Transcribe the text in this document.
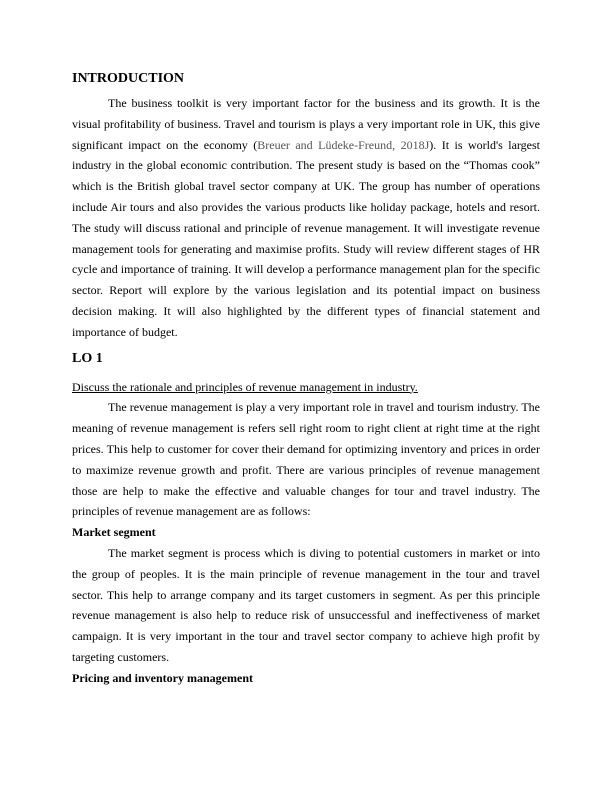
INTRODUCTION

The business toolkit is very important factor for the business and its growth. It is the visual profitability of business. Travel and tourism is plays a very important role in UK, this give significant impact on the economy (Breuer and Lüdeke-Freund, 2018J). It is world's largest industry in the global economic contribution. The present study is based on the “Thomas cook” which is the British global travel sector company at UK. The group has number of operations include Air tours and also provides the various products like holiday package, hotels and resort. The study will discuss rational and principle of revenue management. It will investigate revenue management tools for generating and maximise profits. Study will review different stages of HR cycle and importance of training. It will develop a performance management plan for the specific sector. Report will explore by the various legislation and its potential impact on business decision making. It will also highlighted by the different types of financial statement and importance of budget.

LO 1

Discuss the rationale and principles of revenue management in industry.

The revenue management is play a very important role in travel and tourism industry. The meaning of revenue management is refers sell right room to right client at right time at the right prices. This help to customer for cover their demand for optimizing inventory and prices in order to maximize revenue growth and profit. There are various principles of revenue management those are help to make the effective and valuable changes for tour and travel industry. The principles of revenue management are as follows:

Market segment

The market segment is process which is diving to potential customers in market or into the group of peoples. It is the main principle of revenue management in the tour and travel sector. This help to arrange company and its target customers in segment. As per this principle revenue management is also help to reduce risk of unsuccessful and ineffectiveness of market campaign. It is very important in the tour and travel sector company to achieve high profit by targeting customers.

Pricing and inventory management
